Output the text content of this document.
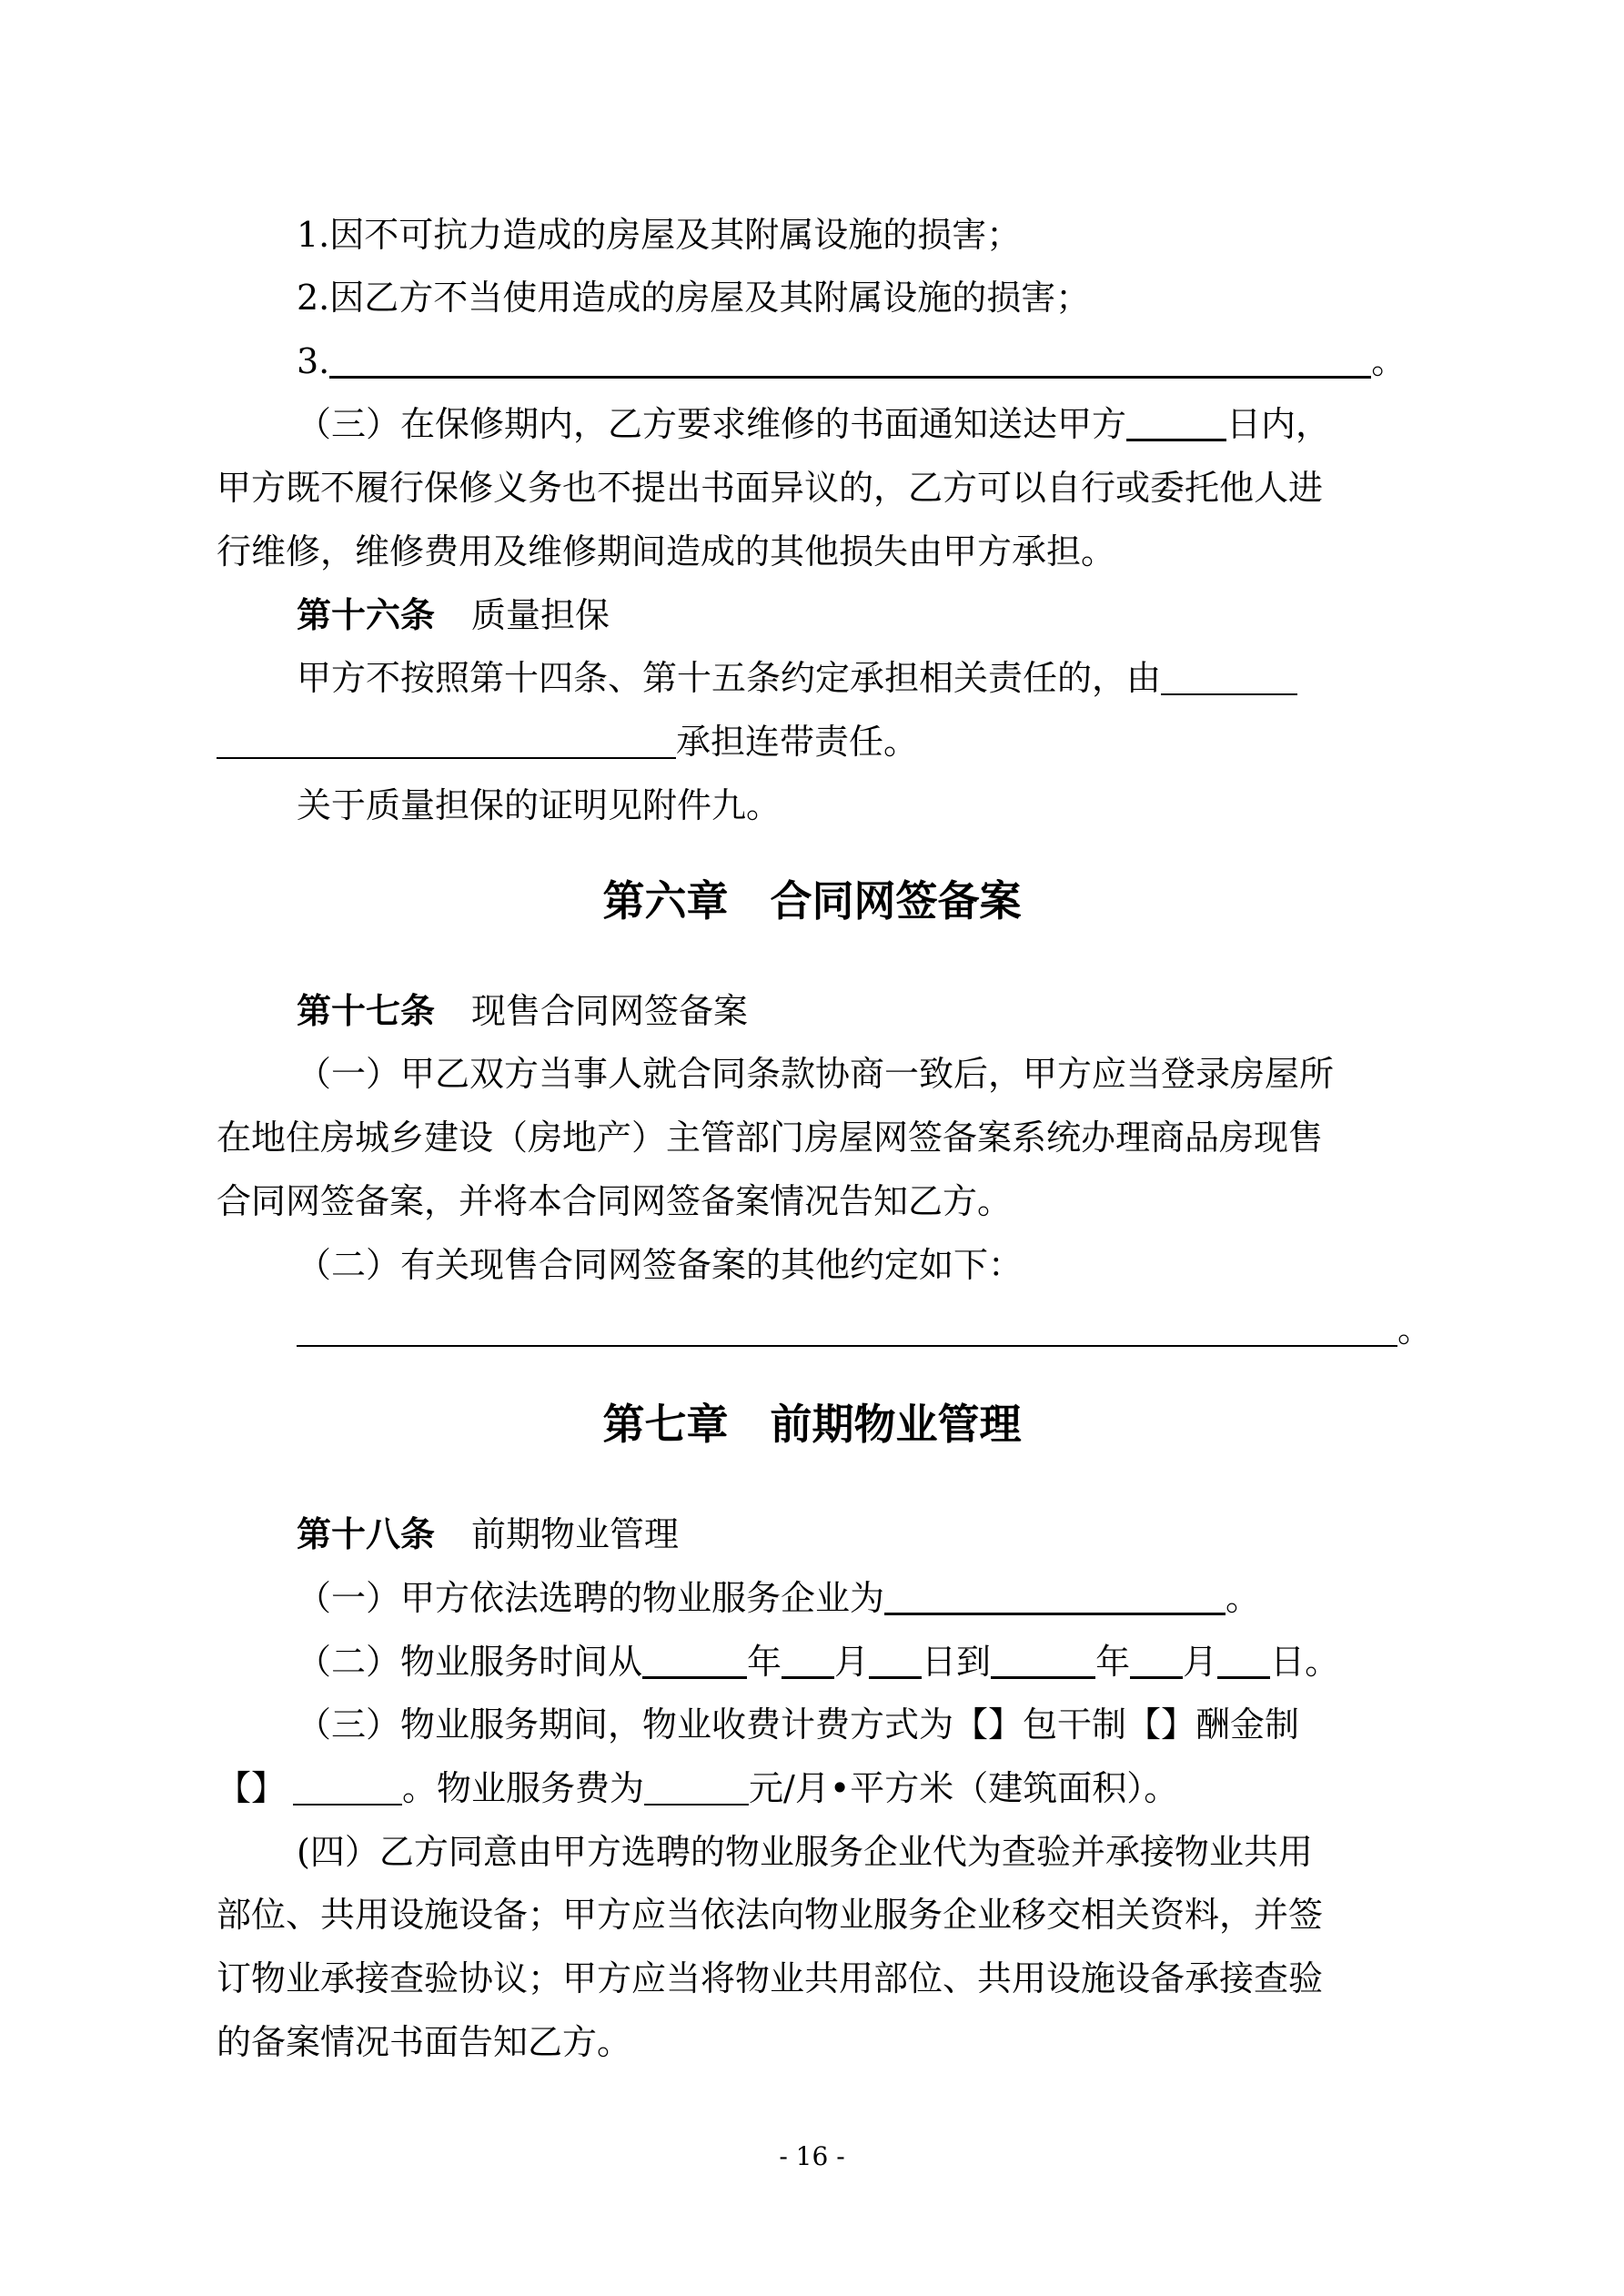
1.因不可抗力造成的房屋及其附属设施的损害；
2.因乙方不当使用造成的房屋及其附属设施的损害；
3.	。
（三）在保修期内，乙方要求维修的书面通知送达甲方	日内，
甲方既不履行保修义务也不提出书面异议的，乙方可以自行或委托他人进
行维修，维修费用及维修期间造成的其他损失由甲方承担。
第十六条 质量担保
甲方不按照第十四条、第十五条约定承担相关责任的，由
承担连带责任。
关于质量担保的证明见附件九。
第六章　合同网签备案
第十七条 现售合同网签备案
（一）甲乙双方当事人就合同条款协商一致后，甲方应当登录房屋所
在地住房城乡建设（房地产）主管部门房屋网签备案系统办理商品房现售
合同网签备案，并将本合同网签备案情况告知乙方。
（二）有关现售合同网签备案的其他约定如下：
。
第七章　前期物业管理
第十八条 前期物业管理
（一）甲方依法选聘的物业服务企业为	。
（二）物业服务时间从	年 月 日到	年 月 日。
（三）物业服务期间，物业收费计费方式为【】包干制【】酬金制
【】	。物业服务费为	元/月•平方米（建筑面积）。
(四）乙方同意由甲方选聘的物业服务企业代为查验并承接物业共用
部位、共用设施设备；甲方应当依法向物业服务企业移交相关资料，并签
订物业承接查验协议；甲方应当将物业共用部位、共用设施设备承接查验
的备案情况书面告知乙方。
- 16 -
